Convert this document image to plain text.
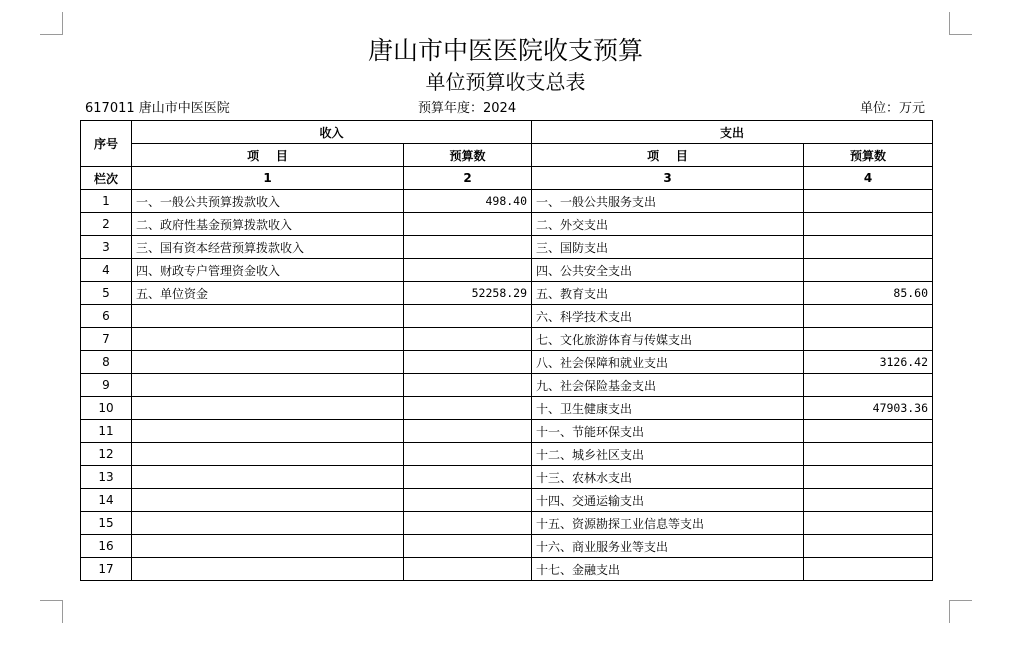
唐山市中医医院收支预算
单位预算收支总表
617011 唐山市中医医院	预算年度：2024	单位：万元
序号	收入		支出	
	项    目	预算数	项    目	预算数
栏次	1	2	3	4
1	一、一般公共预算拨款收入	498.40	一、一般公共服务支出	
2	二、政府性基金预算拨款收入		二、外交支出	
3	三、国有资本经营预算拨款收入		三、国防支出	
4	四、财政专户管理资金收入		四、公共安全支出	
5	五、单位资金	52258.29	五、教育支出	85.60
6			六、科学技术支出	
7			七、文化旅游体育与传媒支出	
8			八、社会保障和就业支出	3126.42
9			九、社会保险基金支出	
10			十、卫生健康支出	47903.36
11			十一、节能环保支出	
12			十二、城乡社区支出	
13			十三、农林水支出	
14			十四、交通运输支出	
15			十五、资源勘探工业信息等支出	
16			十六、商业服务业等支出	
17			十七、金融支出	
